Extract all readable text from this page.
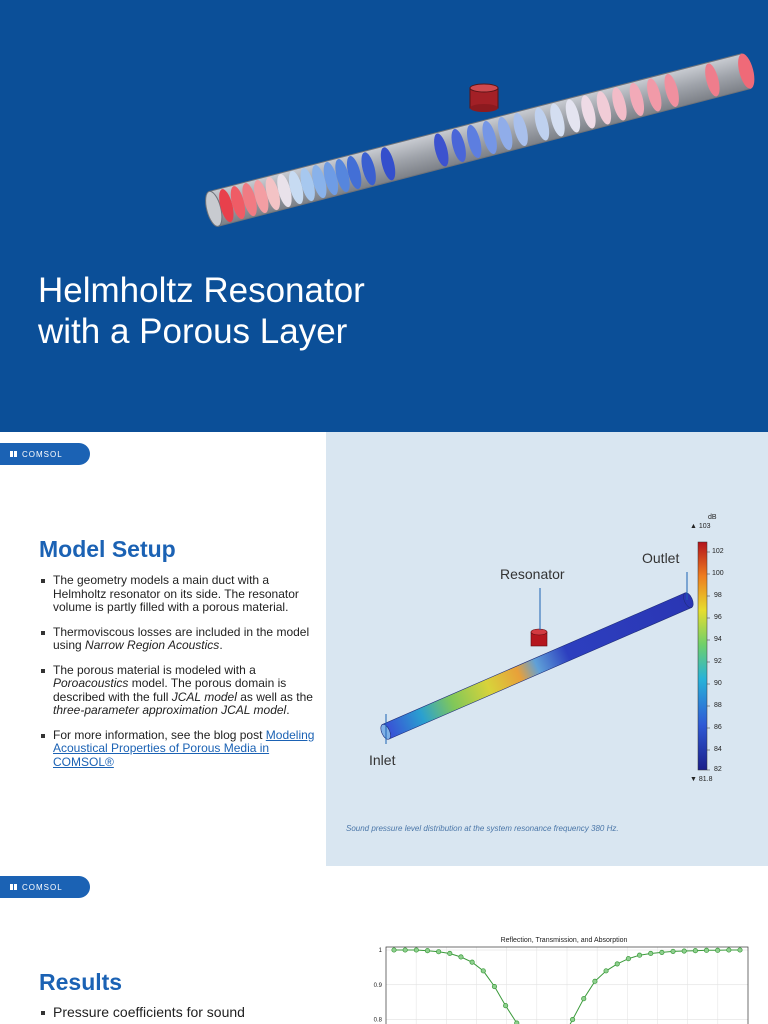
Helmholtz Resonator
with a Porous Layer
COMSOL
Model Setup
The geometry models a main duct with a Helmholtz resonator on its side. The resonator volume is partly filled with a porous material.
Thermoviscous losses are included in the model using Narrow Region Acoustics.
The porous material is modeled with a Poroacoustics model. The porous domain is described with the full JCAL model as well as the three-parameter approximation JCAL model.
For more information, see the blog post Modeling Acoustical Properties of Porous Media in COMSOL®
Resonator
Outlet
Inlet
dB
▲ 103
102
100
98
96
94
92
90
88
86
84
82
▼ 81.8
Sound pressure level distribution at the system resonance frequency 380 Hz.
COMSOL
Results
Pressure coefficients for sound
Reflection, Transmission, and Absorption
1
0.9
0.8
